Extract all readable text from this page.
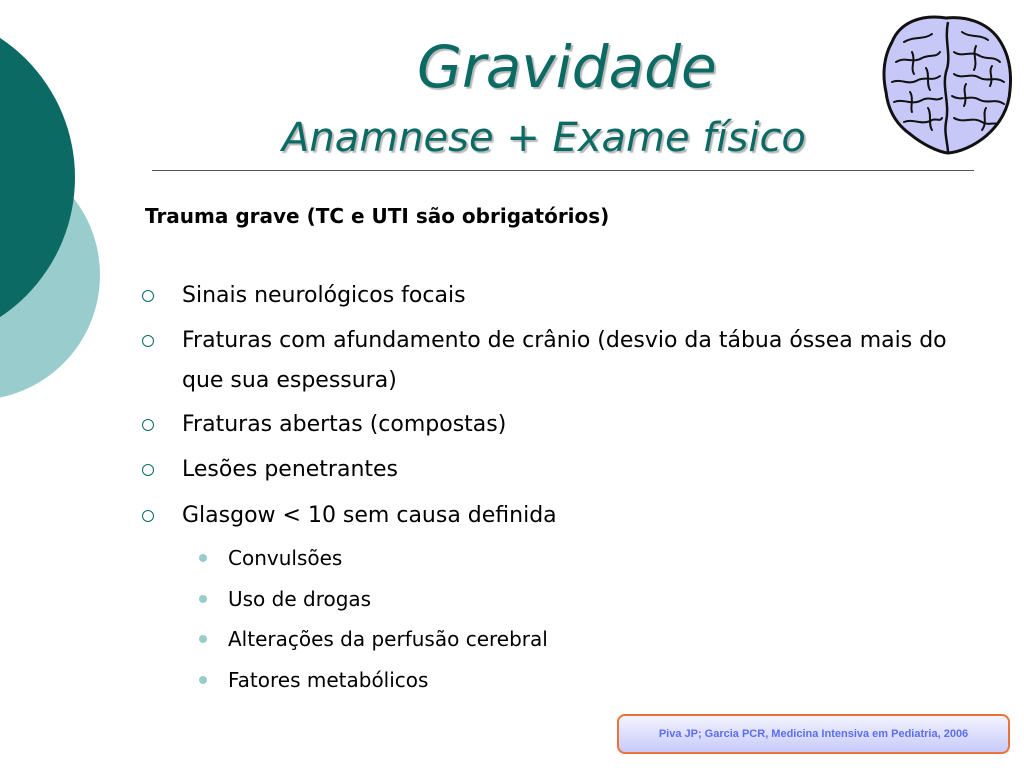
Gravidade
Anamnese + Exame físico
Trauma grave (TC e UTI são obrigatórios)
Sinais neurológicos focais
Fraturas com afundamento de crânio (desvio da tábua óssea mais do que sua espessura)
Fraturas abertas (compostas)
Lesões penetrantes
Glasgow < 10 sem causa definida
Convulsões
Uso de drogas
Alterações da perfusão cerebral
Fatores metabólicos
Piva JP; Garcia PCR, Medicina Intensiva em Pediatria, 2006
